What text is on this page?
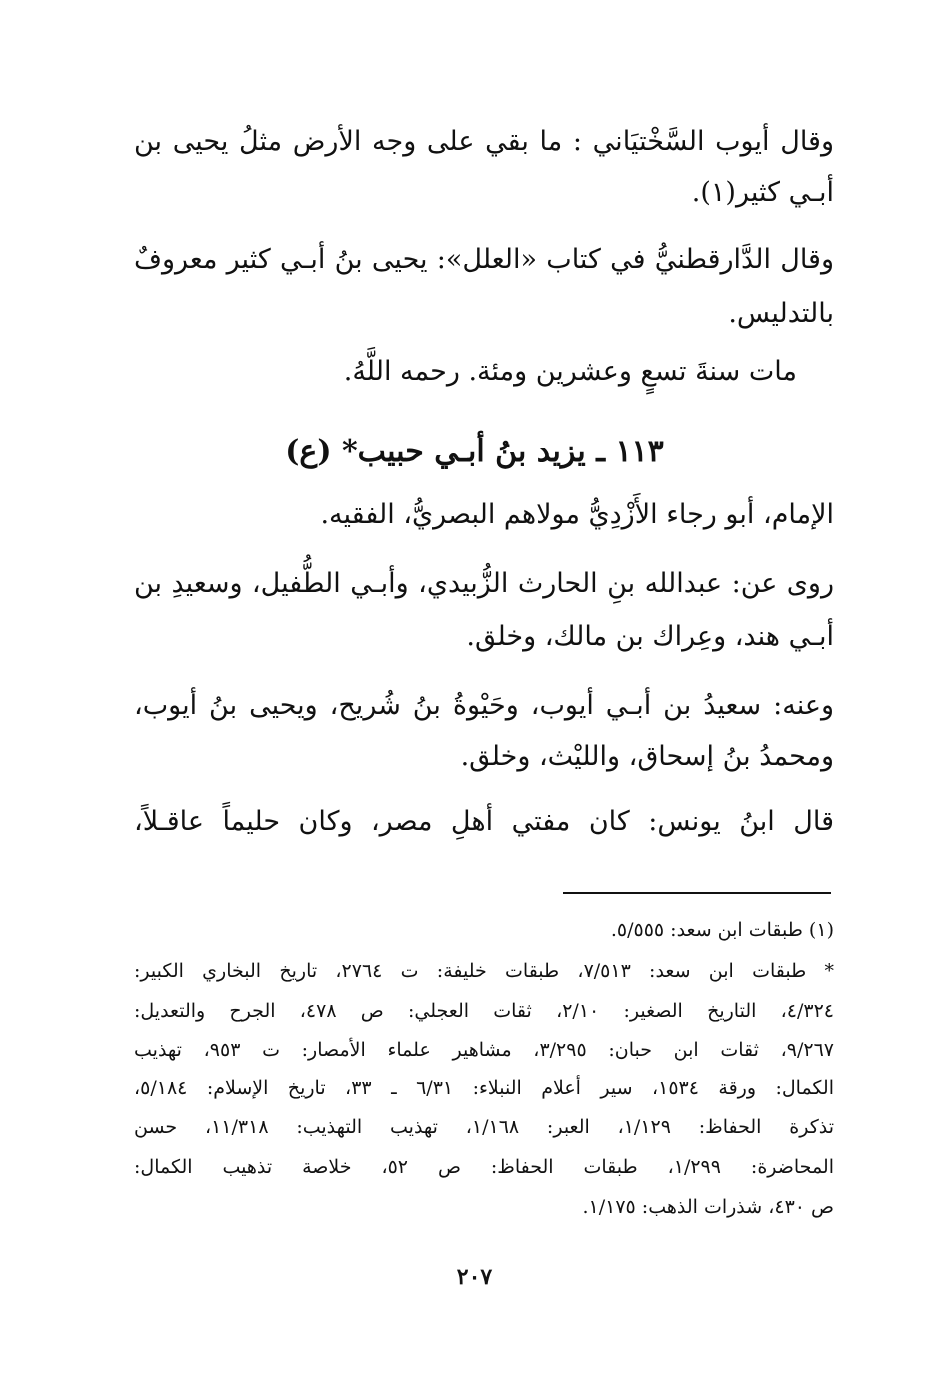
وقال أيوب السَّخْتيَاني : ما بقي على وجه الأرض مثلُ يحيى بن
أبـي كثير(١).
وقال الدَّارقطنيُّ في كتاب «العلل»: يحيى بنُ أبـي كثير معروفٌ
بالتدليس.
مات سنةَ تسعٍ وعشرين ومئة. رحمه اللَّهُ.
١١٣ ـ يزيد بنُ أبـي حبيب* (ع)
الإمام، أبو رجاء الأَزْدِيُّ مولاهم البصريُّ، الفقيه.
روى عن: عبدالله بنِ الحارث الزُّبيدي، وأبـي الطُّفيل، وسعيدِ بن
أبـي هند، وعِراك بن مالك، وخلق.
وعنه: سعيدُ بن أبـي أيوب، وحَيْوةُ بنُ شُريح، ويحيى بنُ أيوب،
ومحمدُ بنُ إسحاق، والليْث، وخلق.
قال ابنُ يونس: كان مفتي أهلِ مصر، وكان حليماً عاقـلاً،
(١) طبقات ابن سعد: ٥/٥٥٥.
* طبقات ابن سعد: ٧/٥١٣، طبقات خليفة: ت ٢٧٦٤، تاريخ البخاري الكبير:
٤/٣٢٤، التاريخ الصغير: ٢/١٠، ثقات العجلي: ص ٤٧٨، الجرح والتعديل:
٩/٢٦٧، ثقات ابن حبان: ٣/٢٩٥، مشاهير علماء الأمصار: ت ٩٥٣، تهذيب
الكمال: ورقة ١٥٣٤، سير أعلام النبلاء: ٦/٣١ ـ ٣٣، تاريخ الإسلام: ٥/١٨٤،
تذكرة الحفاظ: ١/١٢٩، العبر: ١/١٦٨، تهذيب التهذيب: ١١/٣١٨، حسن
المحاضرة: ١/٢٩٩، طبقات الحفاظ: ص ٥٢، خلاصة تذهيب الكمال:
ص ٤٣٠، شذرات الذهب: ١/١٧٥.
٢٠٧
